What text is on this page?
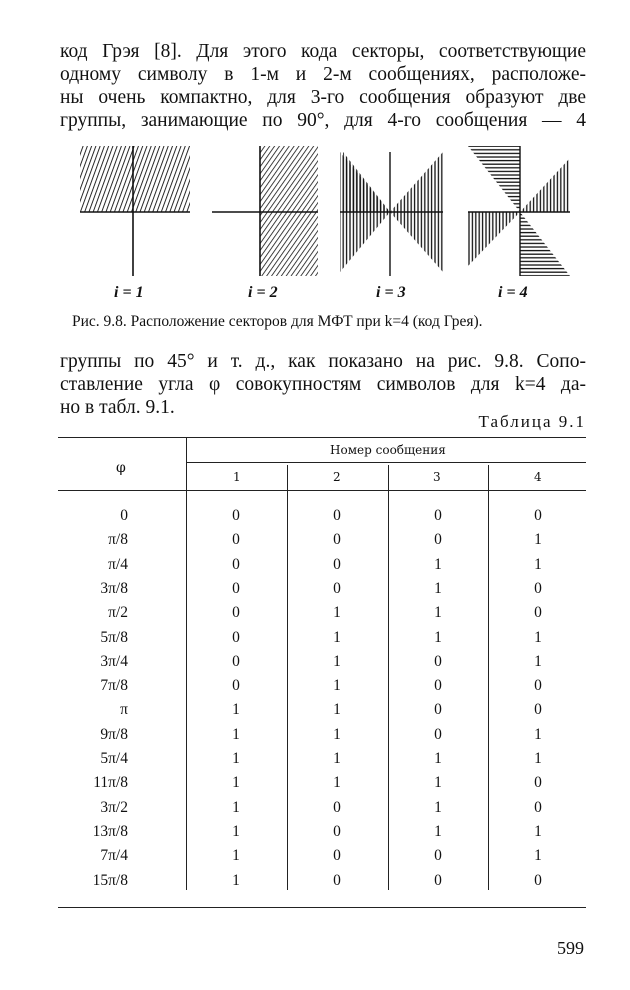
код Грэя [8]. Для этого кода секторы, соответствующие
одному символу в 1-м и 2-м сообщениях, расположе-
ны очень компактно, для 3-го сообщения образуют две
группы, занимающие по 90°, для 4-го сообщения — 4
i = 1	i = 2	i = 3	i = 4
Рис. 9.8. Расположение секторов для МФТ при k=4 (код Грея).
группы по 45° и т. д., как показано на рис. 9.8. Сопо-
ставление угла φ совокупностям символов для k=4 да-
но в табл. 9.1.
Таблица 9.1
φ
Номер сообщения
1	2	3	4
0	0	0	0	0
π/8	0	0	0	1
π/4	0	0	1	1
3π/8	0	0	1	0
π/2	0	1	1	0
5π/8	0	1	1	1
3π/4	0	1	0	1
7π/8	0	1	0	0
π	1	1	0	0
9π/8	1	1	0	1
5π/4	1	1	1	1
11π/8	1	1	1	0
3π/2	1	0	1	0
13π/8	1	0	1	1
7π/4	1	0	0	1
15π/8	1	0	0	0
599
